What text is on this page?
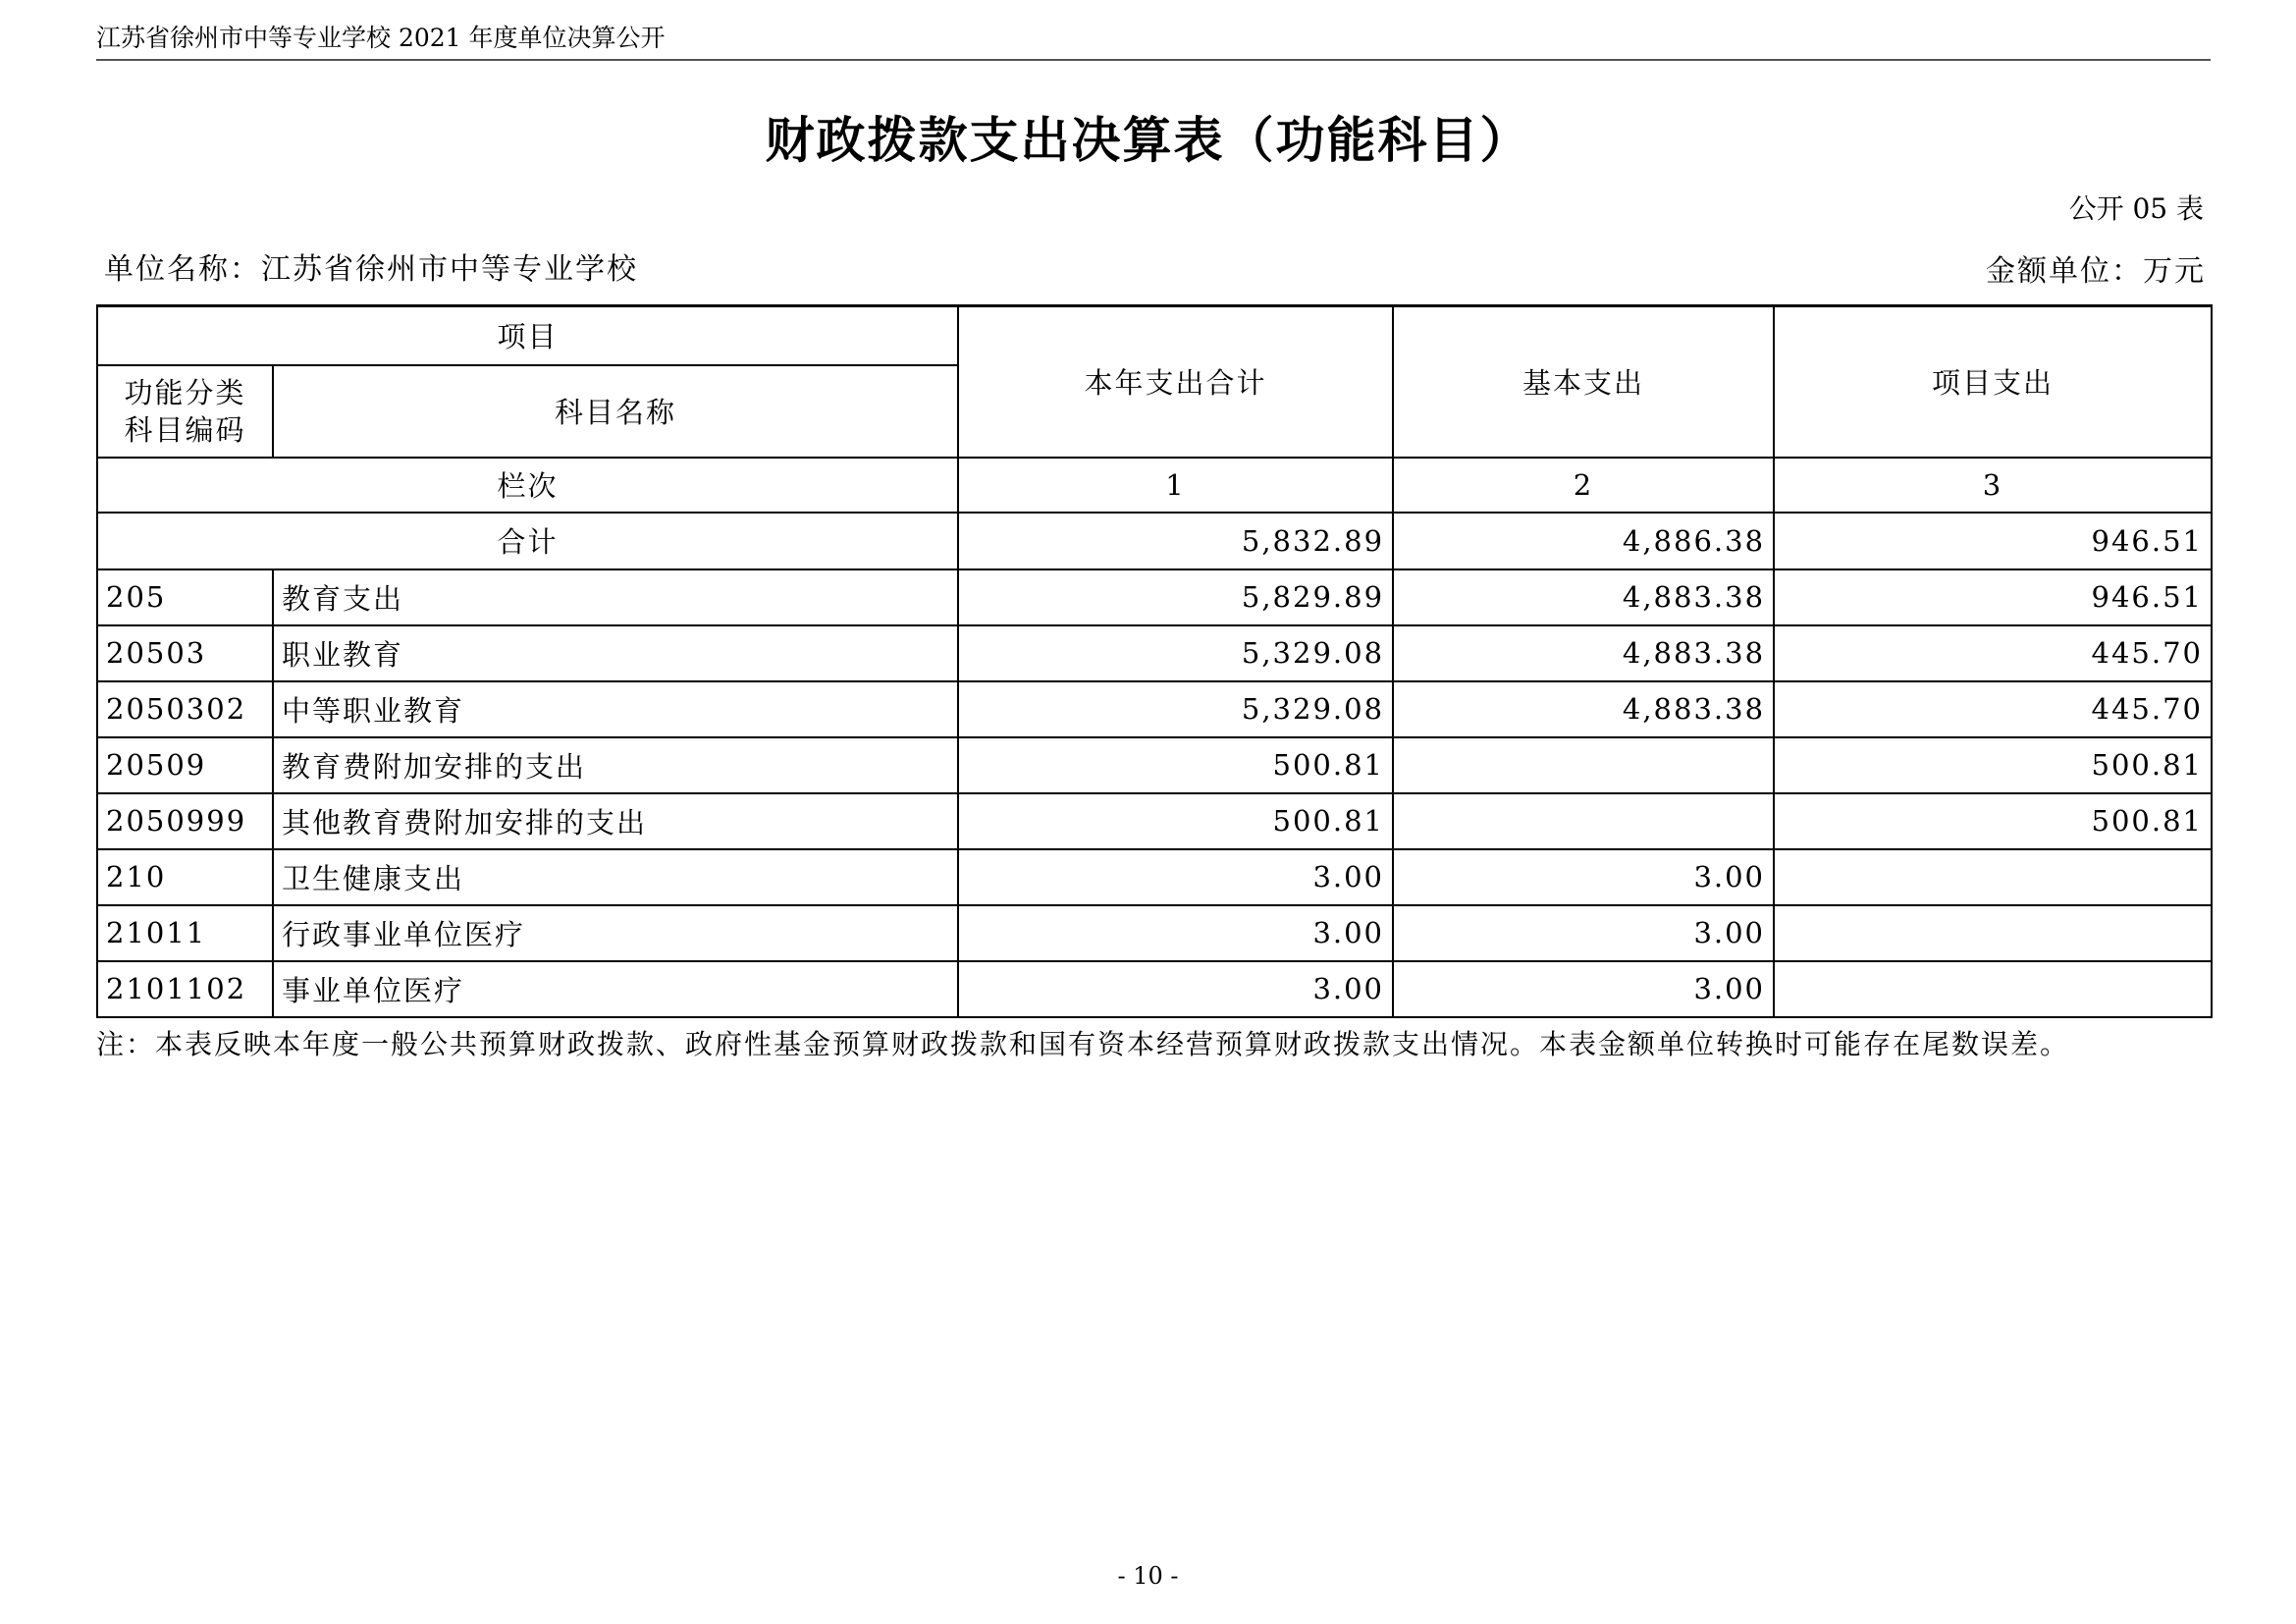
江苏省徐州市中等专业学校 2021 年度单位决算公开
财政拨款支出决算表（功能科目）
公开 05 表
单位名称：江苏省徐州市中等专业学校	金额单位：万元
项目		本年支出合计	基本支出	项目支出

功能分类
科目编码	科目名称			
栏次		1	2	3
合计		5,832.89	4,886.38	946.51
205	教育支出	5,829.89	4,883.38	946.51
20503	职业教育	5,329.08	4,883.38	445.70
2050302	中等职业教育	5,329.08	4,883.38	445.70
20509	教育费附加安排的支出	500.81		500.81
2050999	其他教育费附加安排的支出	500.81		500.81
210	卫生健康支出	3.00	3.00	
21011	行政事业单位医疗	3.00	3.00	
2101102	事业单位医疗	3.00	3.00	
注：本表反映本年度一般公共预算财政拨款、政府性基金预算财政拨款和国有资本经营预算财政拨款支出情况。本表金额单位转换时可能存在尾数误差。
- 10 -
